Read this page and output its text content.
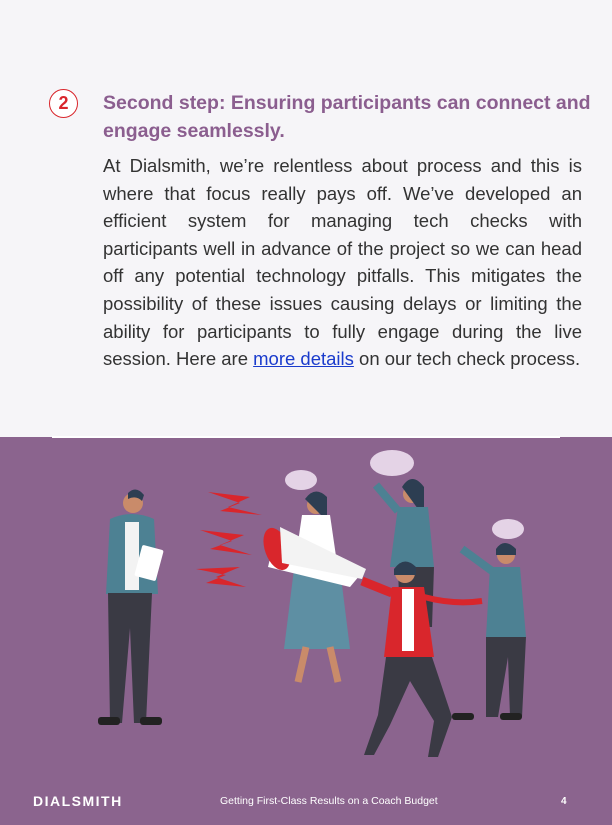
2	Second step: Ensuring participants can connect and engage seamlessly.

At Dialsmith, we’re relentless about process and this is where that focus really pays off. We’ve developed an efficient system for managing tech checks with participants well in advance of the project so we can head off any potential technology pitfalls. This mitigates the possibility of these issues causing delays or limiting the ability for participants to fully engage during the live session. Here are more details on our tech check process.

DIALSMITH	Getting First-Class Results on a Coach Budget	4
